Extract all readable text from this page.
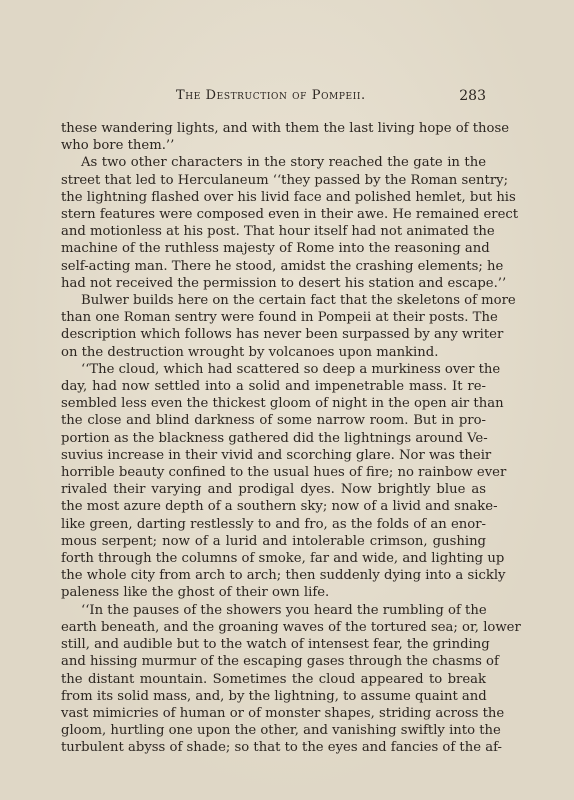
The Destruction of Pompeii.	283
these wandering lights, and with them the last living hope of those
who bore them.’’
As two other characters in the story reached the gate in the
street that led to Herculaneum ‘‘they passed by the Roman sentry;
the lightning flashed over his livid face and polished hemlet, but his
stern features were composed even in their awe. He remained erect
and motionless at his post. That hour itself had not animated the
machine of the ruthless majesty of Rome into the reasoning and
self-acting man. There he stood, amidst the crashing elements; he
had not received the permission to desert his station and escape.’’
Bulwer builds here on the certain fact that the skeletons of more
than one Roman sentry were found in Pompeii at their posts. The
description which follows has never been surpassed by any writer
on the destruction wrought by volcanoes upon mankind.
‘‘The cloud, which had scattered so deep a murkiness over the
day, had now settled into a solid and impenetrable mass. It re-
sembled less even the thickest gloom of night in the open air than
the close and blind darkness of some narrow room. But in pro-
portion as the blackness gathered did the lightnings around Ve-
suvius increase in their vivid and scorching glare. Nor was their
horrible beauty confined to the usual hues of fire; no rainbow ever
rivaled their varying and prodigal dyes. Now brightly blue as
the most azure depth of a southern sky; now of a livid and snake-
like green, darting restlessly to and fro, as the folds of an enor-
mous serpent; now of a lurid and intolerable crimson, gushing
forth through the columns of smoke, far and wide, and lighting up
the whole city from arch to arch; then suddenly dying into a sickly
paleness like the ghost of their own life.
‘‘In the pauses of the showers you heard the rumbling of the
earth beneath, and the groaning waves of the tortured sea; or, lower
still, and audible but to the watch of intensest fear, the grinding
and hissing murmur of the escaping gases through the chasms of
the distant mountain. Sometimes the cloud appeared to break
from its solid mass, and, by the lightning, to assume quaint and
vast mimicries of human or of monster shapes, striding across the
gloom, hurtling one upon the other, and vanishing swiftly into the
turbulent abyss of shade; so that to the eyes and fancies of the af-
